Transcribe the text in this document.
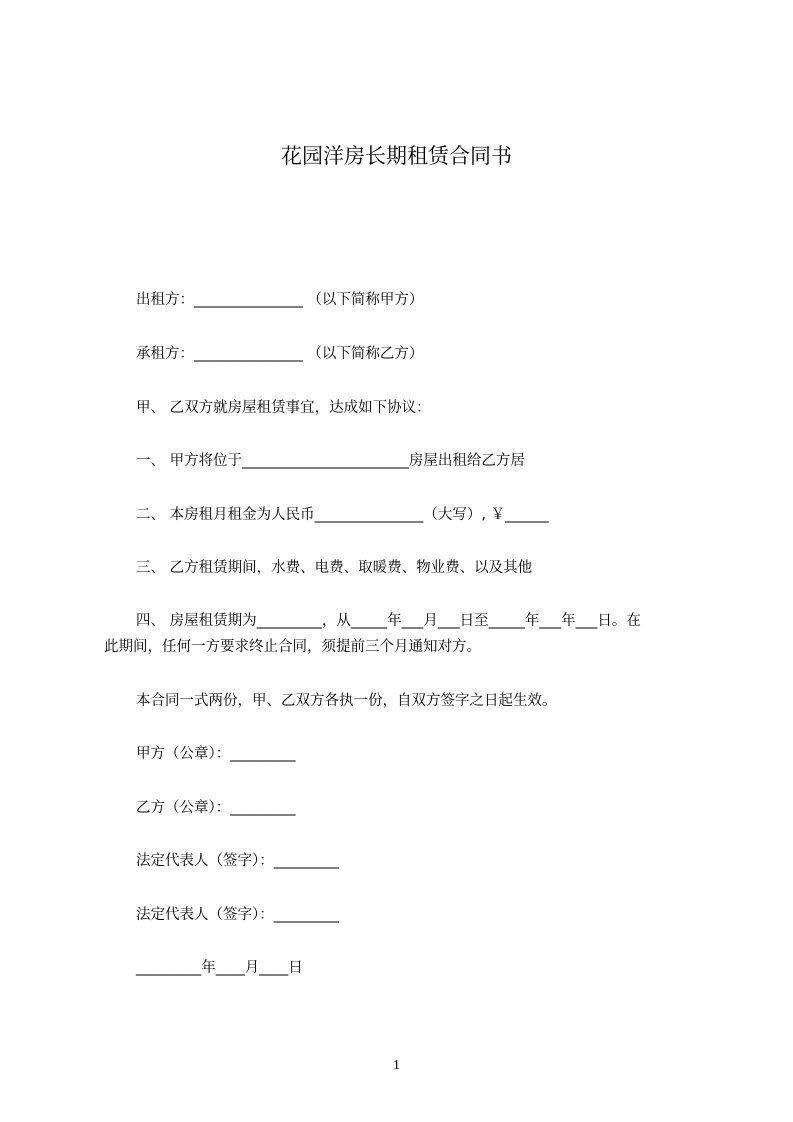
花园洋房长期租赁合同书
出租方：_______________ （以下简称甲方）
承租方：_______________ （以下简称乙方）
甲、 乙双方就房屋租赁事宜，达成如下协议：
一、 甲方将位于_______________________房屋出租给乙方居
二、 本房租月租金为人民币_______________（大写）, ￥______
三、 乙方租赁期间，水费、电费、取暖费、物业费、以及其他
四、 房屋租赁期为_________，从_____年___月___日至_____年___年___日。在
此期间，任何一方要求终止合同，须提前三个月通知对方。
本合同一式两份，甲、乙双方各执一份，自双方签字之日起生效。
甲方（公章）：_________
乙方（公章）：_________
法定代表人（签字）：_________
法定代表人（签字）：_________
_________年____月____日
1
